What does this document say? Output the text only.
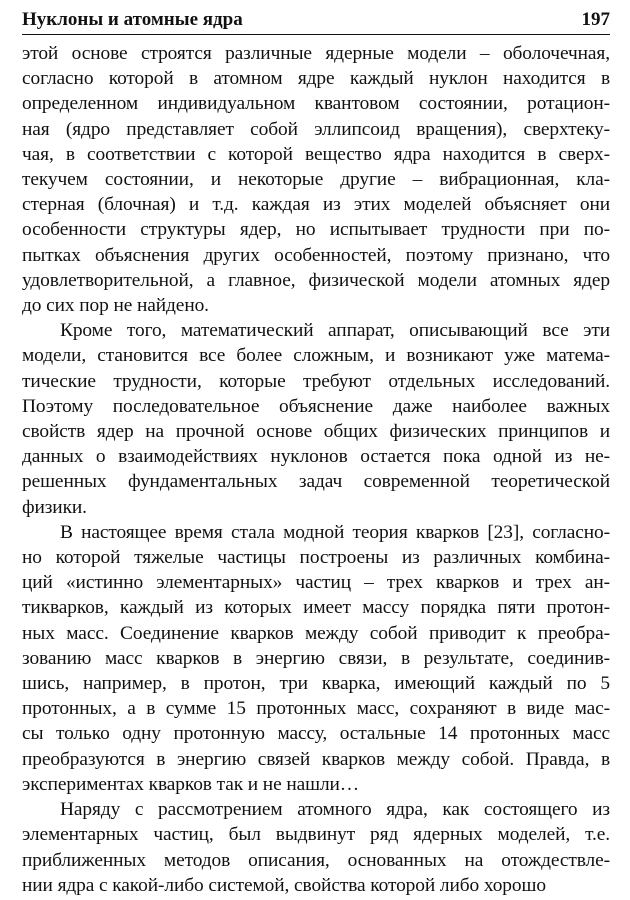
Нуклоны и атомные ядра	197

этой основе строятся различные ядерные модели – оболочечная,
согласно которой в атомном ядре каждый нуклон находится в
определенном индивидуальном квантовом состоянии, ротацион-
ная (ядро представляет собой эллипсоид вращения), сверхтеку-
чая, в соответствии с которой вещество ядра находится в сверх-
текучем состоянии, и некоторые другие – вибрационная, кла-
стерная (блочная) и т.д. каждая из этих моделей объясняет они
особенности структуры ядер, но испытывает трудности при по-
пытках объяснения других особенностей, поэтому признано, что
удовлетворительной, а главное, физической модели атомных ядер
до сих пор не найдено.

Кроме того, математический аппарат, описывающий все эти
модели, становится все более сложным, и возникают уже матема-
тические трудности, которые требуют отдельных исследований.
Поэтому последовательное объяснение даже наиболее важных
свойств ядер на прочной основе общих физических принципов и
данных о взаимодействиях нуклонов остается пока одной из не-
решенных фундаментальных задач современной теоретической
физики.

В настоящее время стала модной теория кварков [23], согласно-
но которой тяжелые частицы построены из различных комбина-
ций «истинно элементарных» частиц – трех кварков и трех ан-
тикварков, каждый из которых имеет массу порядка пяти протон-
ных масс. Соединение кварков между собой приводит к преобра-
зованию масс кварков в энергию связи, в результате, соединив-
шись, например, в протон, три кварка, имеющий каждый по 5
протонных, а в сумме 15 протонных масс, сохраняют в виде мас-
сы только одну протонную массу, остальные 14 протонных масс
преобразуются в энергию связей кварков между собой. Правда, в
экспериментах кварков так и не нашли…

Наряду с рассмотрением атомного ядра, как состоящего из
элементарных частиц, был выдвинут ряд ядерных моделей, т.е.
приближенных методов описания, основанных на отождествле-
нии ядра с какой-либо системой, свойства которой либо хорошо
